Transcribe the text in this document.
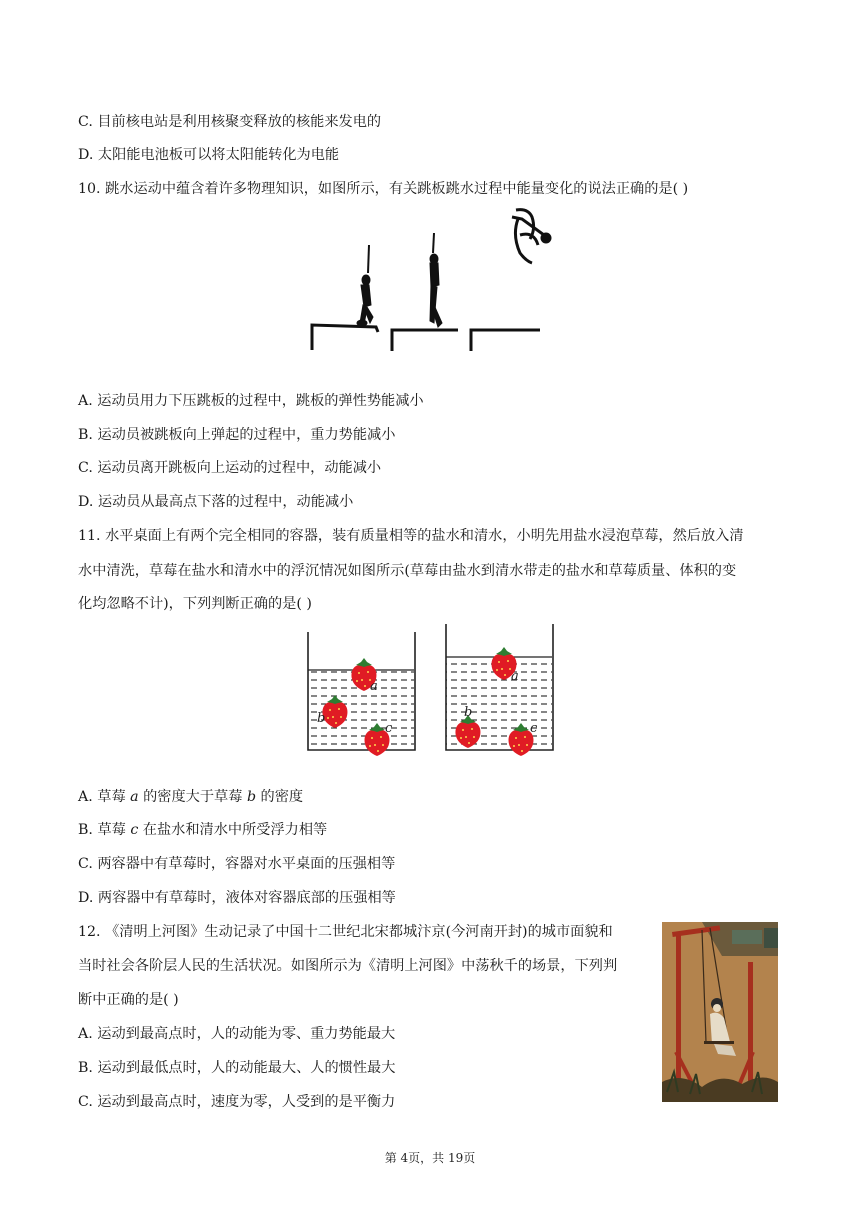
C. 目前核电站是利用核聚变释放的核能来发电的
D. 太阳能电池板可以将太阳能转化为电能
10. 跳水运动中蕴含着许多物理知识，如图所示，有关跳板跳水过程中能量变化的说法正确的是( )
A. 运动员用力下压跳板的过程中，跳板的弹性势能减小
B. 运动员被跳板向上弹起的过程中，重力势能减小
C. 运动员离开跳板向上运动的过程中，动能减小
D. 运动员从最高点下落的过程中，动能减小
11. 水平桌面上有两个完全相同的容器，装有质量相等的盐水和清水，小明先用盐水浸泡草莓，然后放入清
水中清洗，草莓在盐水和清水中的浮沉情况如图所示(草莓由盐水到清水带走的盐水和草莓质量、体积的变
化均忽略不计)，下列判断正确的是( )
a
b
c
a
b
c
A. 草莓 𝑎 的密度大于草莓 𝑏 的密度
B. 草莓 𝑐 在盐水和清水中所受浮力相等
C. 两容器中有草莓时，容器对水平桌面的压强相等
D. 两容器中有草莓时，液体对容器底部的压强相等
12. 《清明上河图》生动记录了中国十二世纪北宋都城汴京(今河南开封)的城市面貌和
当时社会各阶层人民的生活状况。如图所示为《清明上河图》中荡秋千的场景，下列判
断中正确的是( )
A. 运动到最高点时，人的动能为零、重力势能最大
B. 运动到最低点时，人的动能最大、人的惯性最大
C. 运动到最高点时，速度为零，人受到的是平衡力
第 4页，共 19页
